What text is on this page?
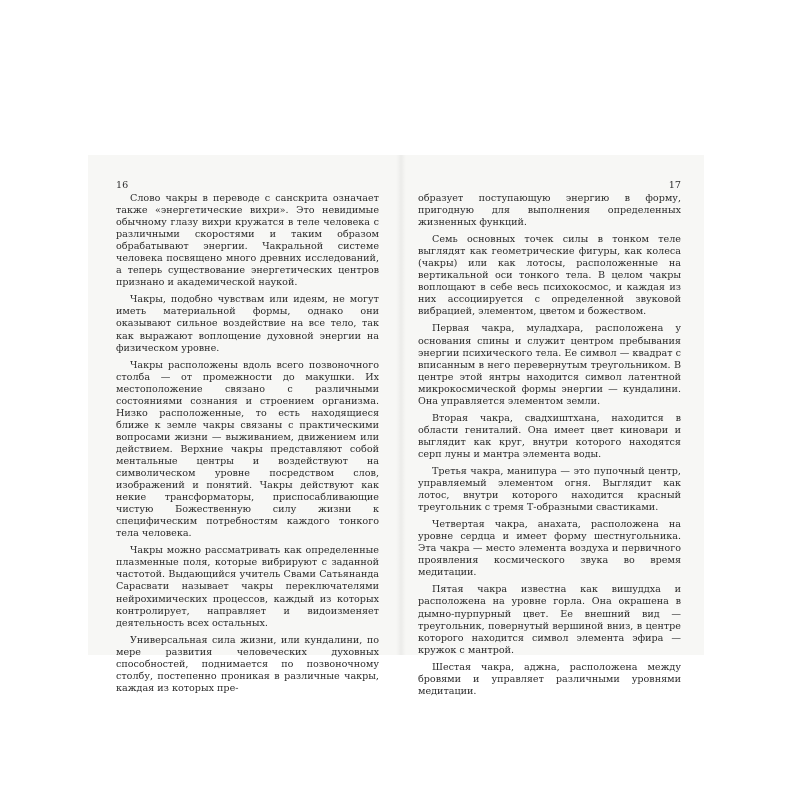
16

Слово чакры в переводе с санскрита означает также «энергетические вихри». Это невидимые обычному глазу вихри кружатся в теле человека с различными скоростями и таким образом обрабатывают энергии. Чакральной системе человека посвящено много древних исследований, а теперь существование энергетических центров признано и академической наукой.

Чакры, подобно чувствам или идеям, не могут иметь материальной формы, однако они оказывают сильное воздействие на все тело, так как выражают воплощение духовной энергии на физическом уровне.

Чакры расположены вдоль всего позвоночного столба — от промежности до макушки. Их местоположение связано с различными состояниями сознания и строением организма. Низко расположенные, то есть находящиеся ближе к земле чакры связаны с практическими вопросами жизни — выживанием, движением или действием. Верхние чакры представляют собой ментальные центры и воздействуют на символическом уровне посредством слов, изображений и понятий. Чакры действуют как некие трансформаторы, приспосабливающие чистую Божественную силу жизни к специфическим потребностям каждого тонкого тела человека.

Чакры можно рассматривать как определенные плазменные поля, которые вибрируют с заданной частотой. Выдающийся учитель Свами Сатьянанда Сарасвати называет чакры переключателями нейрохимических процессов, каждый из которых контролирует, направляет и видоизменяет деятельность всех остальных.

Универсальная сила жизни, или кундалини, по мере развития человеческих духовных способностей, поднимается по позвоночному столбу, постепенно проникая в различные чакры, каждая из которых пре-

17

образует поступающую энергию в форму, пригодную для выполнения определенных жизненных функций.

Семь основных точек силы в тонком теле выглядят как геометрические фигуры, как колеса (чакры) или как лотосы, расположенные на вертикальной оси тонкого тела. В целом чакры воплощают в себе весь психокосмос, и каждая из них ассоциируется с определенной звуковой вибрацией, элементом, цветом и божеством.

Первая чакра, муладхара, расположена у основания спины и служит центром пребывания энергии психического тела. Ее символ — квадрат с вписанным в него перевернутым треугольником. В центре этой янтры находится символ латентной микрокосмической формы энергии — кундалини. Она управляется элементом земли.

Вторая чакра, свадхиштхана, находится в области гениталий. Она имеет цвет киновари и выглядит как круг, внутри которого находятся серп луны и мантра элемента воды.

Третья чакра, манипура — это пупочный центр, управляемый элементом огня. Выглядит как лотос, внутри которого находится красный треугольник с тремя Т-образными свастиками.

Четвертая чакра, анахата, расположена на уровне сердца и имеет форму шестнугольника. Эта чакра — место элемента воздуха и первичного проявления космического звука во время медитации.

Пятая чакра известна как вишуддха и расположена на уровне горла. Она окрашена в дымно-пурпурный цвет. Ее внешний вид — треугольник, повернутый вершиной вниз, в центре которого находится символ элемента эфира — кружок с мантрой.

Шестая чакра, аджна, расположена между бровями и управляет различными уровнями медитации.
